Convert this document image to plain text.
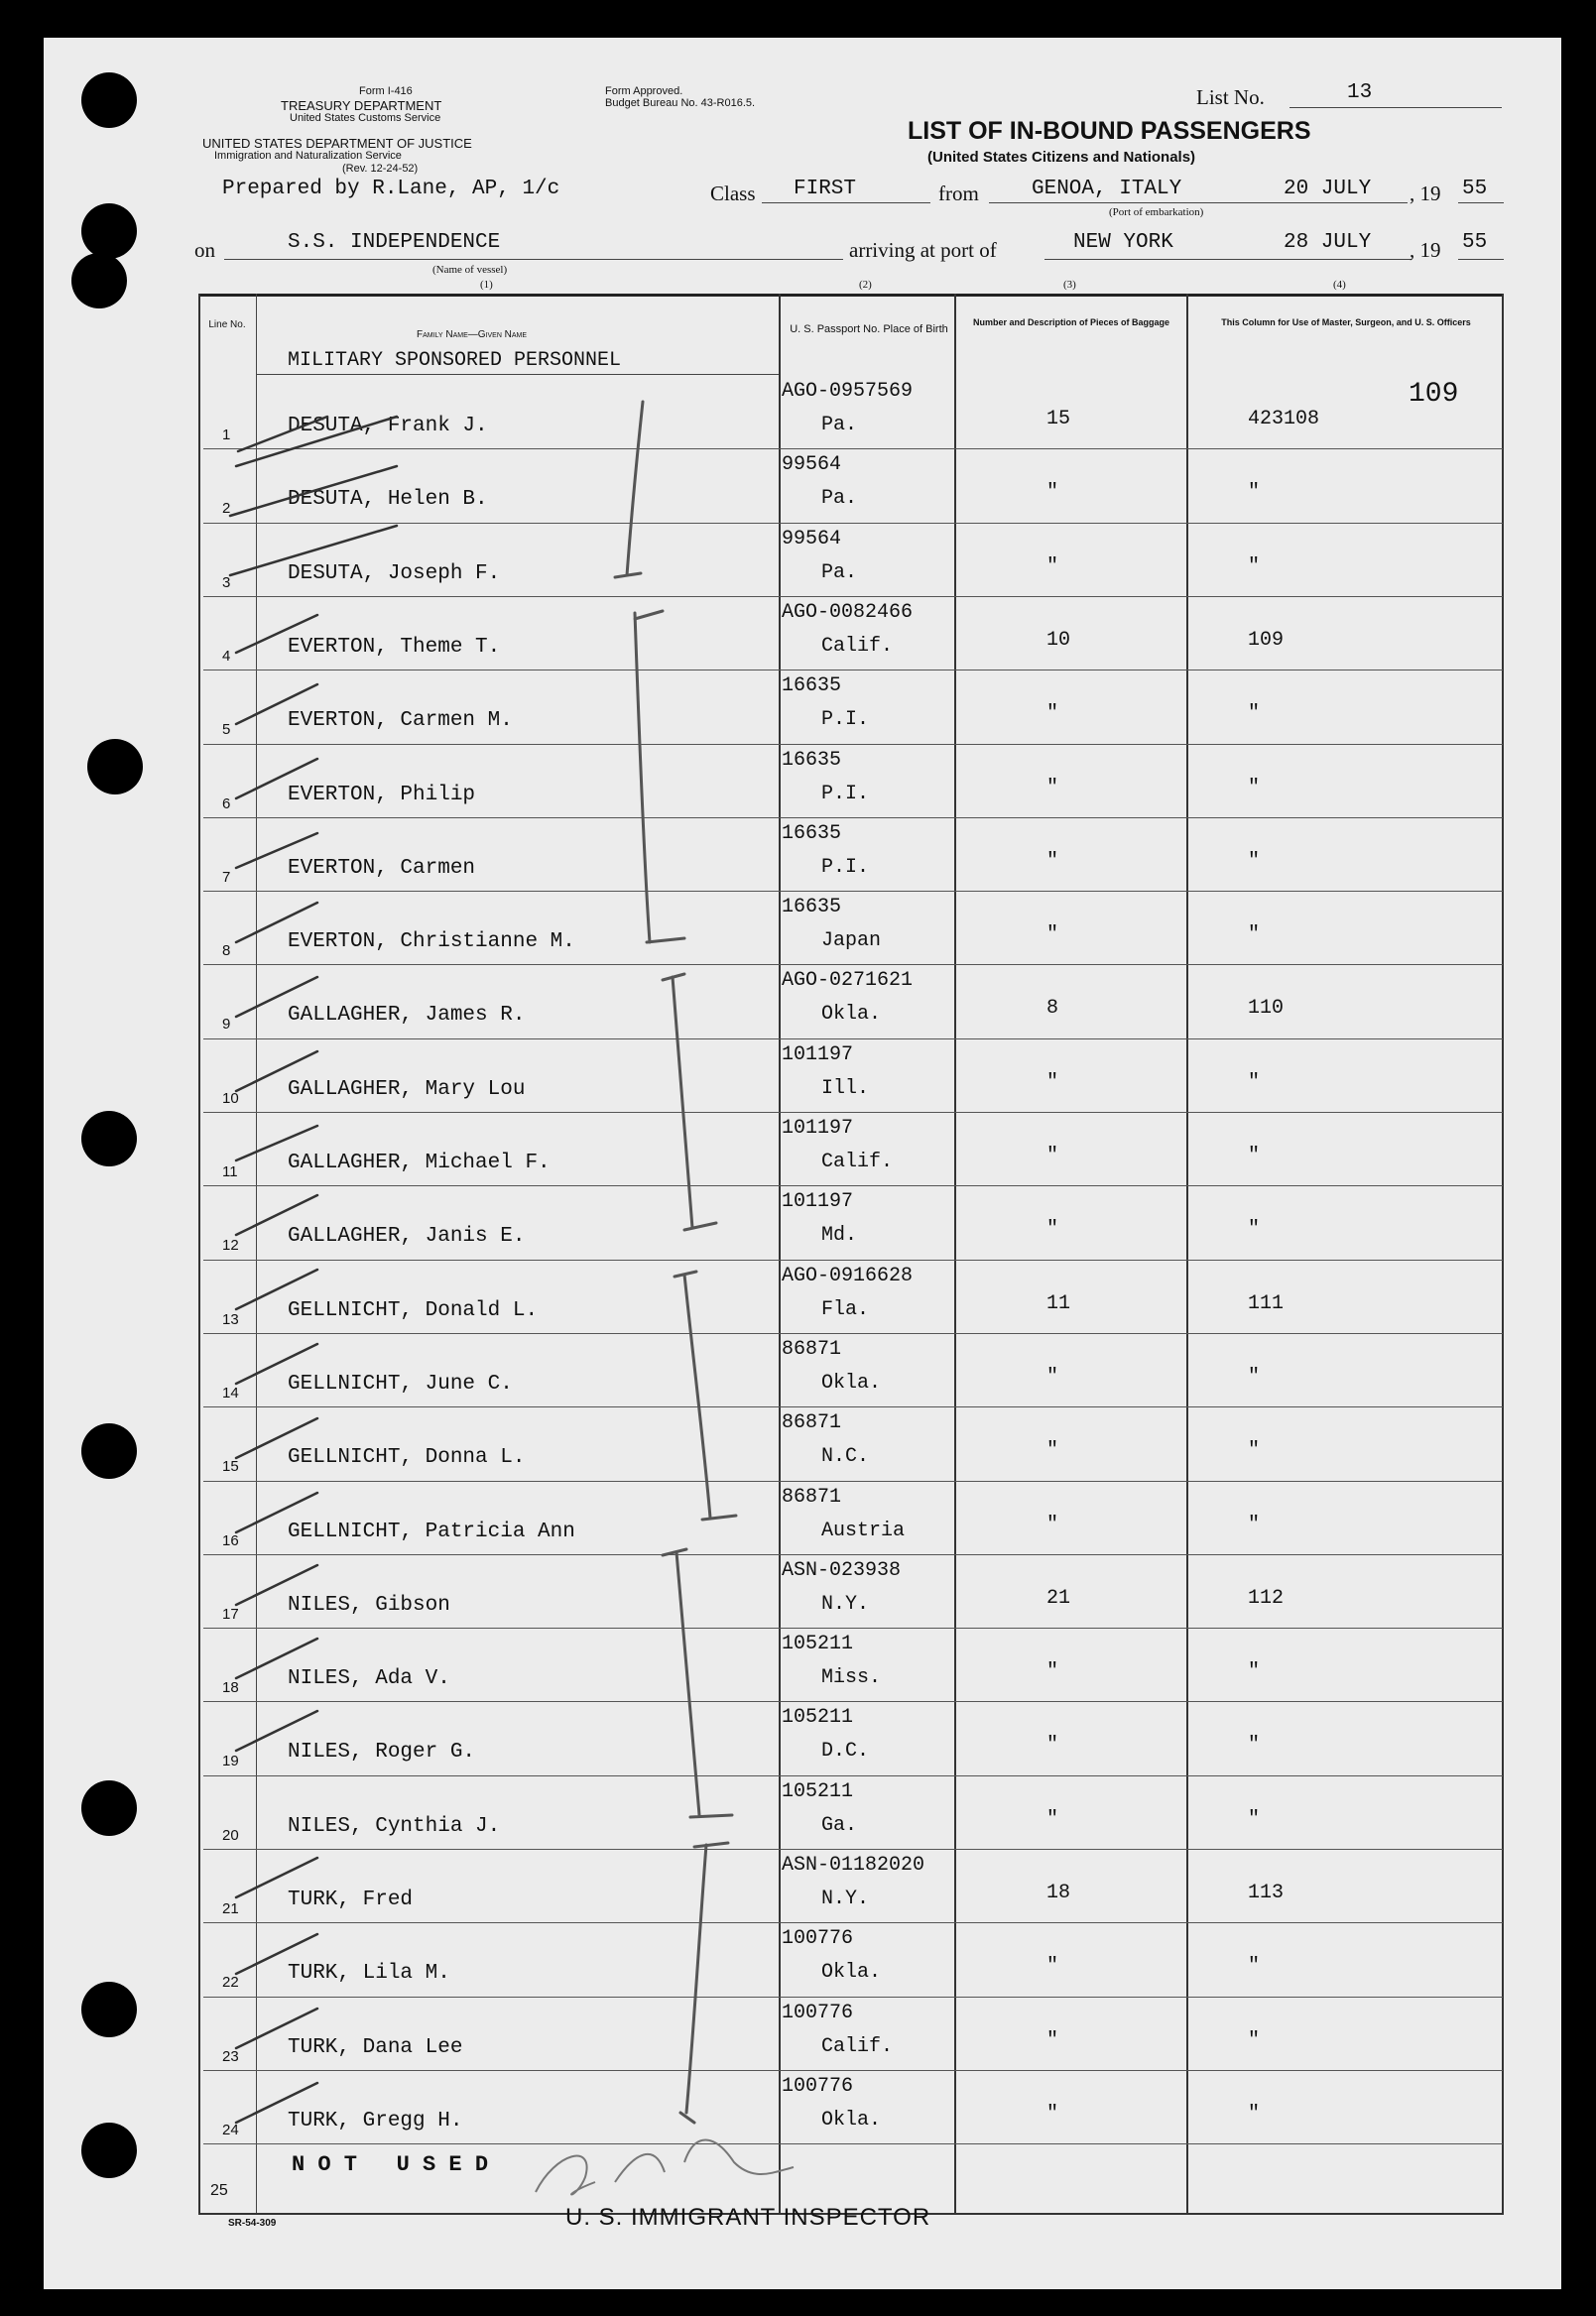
Form I-416
TREASURY DEPARTMENT
United States Customs Service
UNITED STATES DEPARTMENT OF JUSTICE
Immigration and Naturalization Service
(Rev. 12-24-52)
Prepared by R.Lane, AP, 1/c
Form Approved.
Budget Bureau No. 43-R016.5.	List No.	13
LIST OF IN-BOUND PASSENGERS
(United States Citizens and Nationals)
Class FIRST	from	GENOA, ITALY	20 JULY , 19 55
(Port of embarkation)
on	S.S. INDEPENDENCE	arriving at port of	NEW YORK	28 JULY , 19 55
(Name of vessel)
(1)	(2)	(3)	(4)
Line No.
Family Name—Given Name	U. S. Passport No. Place of Birth
Number and Description of Pieces of Baggage	This Column for Use of Master, Surgeon, and U. S. Officers
MILITARY SPONSORED PERSONNEL
109
1	DESUTA, Frank J.
AGO-0957569
Pa.	15	423108
2	DESUTA, Helen B.
99564
Pa.	"	"
3	DESUTA, Joseph F.
99564
Pa.	"	"
4	EVERTON, Theme T.
AGO-0082466
Calif.	10	109
5	EVERTON, Carmen M.
16635
P.I.	"	"
6	EVERTON, Philip
16635
P.I.	"	"
7	EVERTON, Carmen
16635
P.I.	"	"
8	EVERTON, Christianne M.
16635
Japan	"	"
9	GALLAGHER, James R.
AGO-0271621
Okla.	8	110
10 GALLAGHER, Mary Lou
101197
Ill.	"	"
11 GALLAGHER, Michael F.
101197
Calif.	"	"
12 GALLAGHER, Janis E.
101197
Md.	"	"
13 GELLNICHT, Donald L.
AGO-0916628
Fla.	11	111
14 GELLNICHT, June C.
86871
Okla.	"	"
15 GELLNICHT, Donna L.
86871
N.C.	"	"
16 GELLNICHT, Patricia Ann
86871
Austria	"	"
17 NILES, Gibson
ASN-023938
N.Y.	21	112
18 NILES, Ada V.
105211
Miss.	"	"
19 NILES, Roger G.
105211
D.C.	"	"
20 NILES, Cynthia J.
105211
Ga.	"	"
21 TURK, Fred
ASN-01182020
N.Y.	18	113
22 TURK, Lila M.
100776
Okla.	"	"
23 TURK, Dana Lee
100776
Calif.	"	"
24 TURK, Gregg H.
100776
Okla.	"	"
25
N O T   U S E D
U. S. IMMIGRANT INSPECTOR
SR-54-309
